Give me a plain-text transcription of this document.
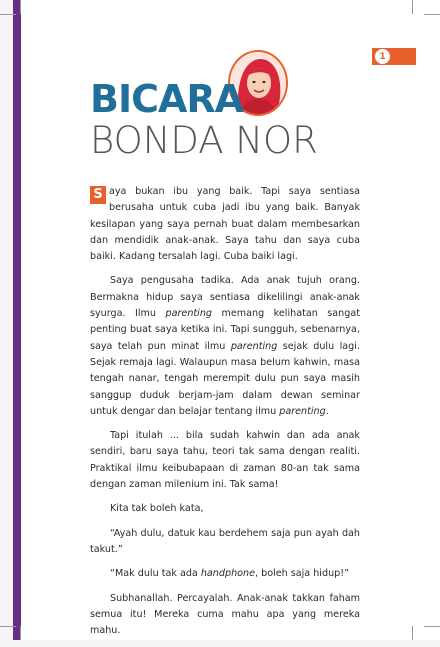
1
BICARA
BONDA NOR

S aya bukan ibu yang baik. Tapi saya sentiasa berusaha untuk cuba jadi ibu yang baik. Banyak kesilapan yang saya pernah buat dalam membesarkan dan mendidik anak-anak. Saya tahu dan saya cuba baiki. Kadang tersalah lagi. Cuba baiki lagi.

Saya pengusaha tadika. Ada anak tujuh orang. Bermakna hidup saya sentiasa dikelilingi anak-anak syurga. Ilmu parenting memang kelihatan sangat penting buat saya ketika ini. Tapi sungguh, sebenarnya, saya telah pun minat ilmu parenting sejak dulu lagi. Sejak remaja lagi. Walaupun masa belum kahwin, masa tengah nanar, tengah merempit dulu pun saya masih sanggup duduk berjam-jam dalam dewan seminar untuk dengar dan belajar tentang ilmu parenting.

Tapi itulah ... bila sudah kahwin dan ada anak sendiri, baru saya tahu, teori tak sama dengan realiti. Praktikal ilmu keibubapaan di zaman 80-an tak sama dengan zaman milenium ini. Tak sama!

Kita tak boleh kata,

“Ayah dulu, datuk kau berdehem saja pun ayah dah takut.”

“Mak dulu tak ada handphone, boleh saja hidup!”

Subhanallah. Percayalah. Anak-anak takkan faham semua itu! Mereka cuma mahu apa yang mereka mahu.
